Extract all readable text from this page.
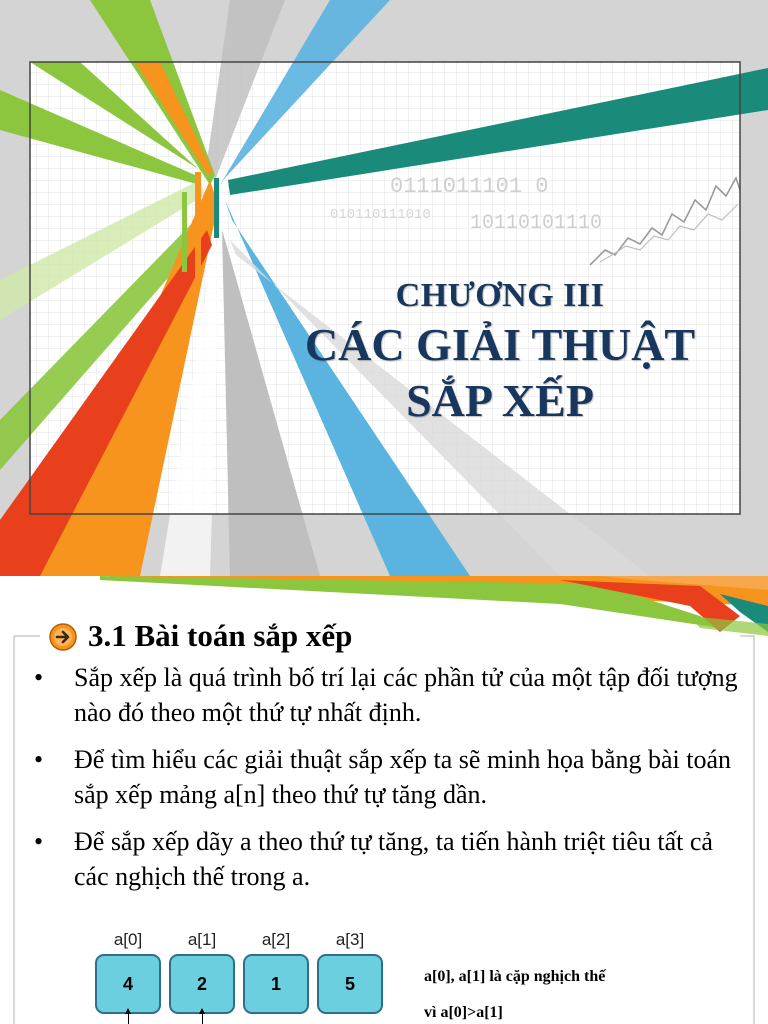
0111011101 0
10110101110
010110111010
CHƯƠNG III
CÁC GIẢI THUẬT
SẮP XẾP
3.1 Bài toán sắp xếp
• Sắp xếp là quá trình bố trí lại các phần tử của một tập đối tượng nào đó theo một thứ tự nhất định.
• Để tìm hiểu các giải thuật sắp xếp ta sẽ minh họa bằng bài toán sắp xếp mảng a[n] theo thứ tự tăng dần.
• Để sắp xếp dãy a theo thứ tự tăng, ta tiến hành triệt tiêu tất cả các nghịch thế trong a.
a[0]	a[1]	a[2]	a[3]
4	2	1	5	a[0], a[1] là cặp nghịch thế
vì a[0]>a[1]
